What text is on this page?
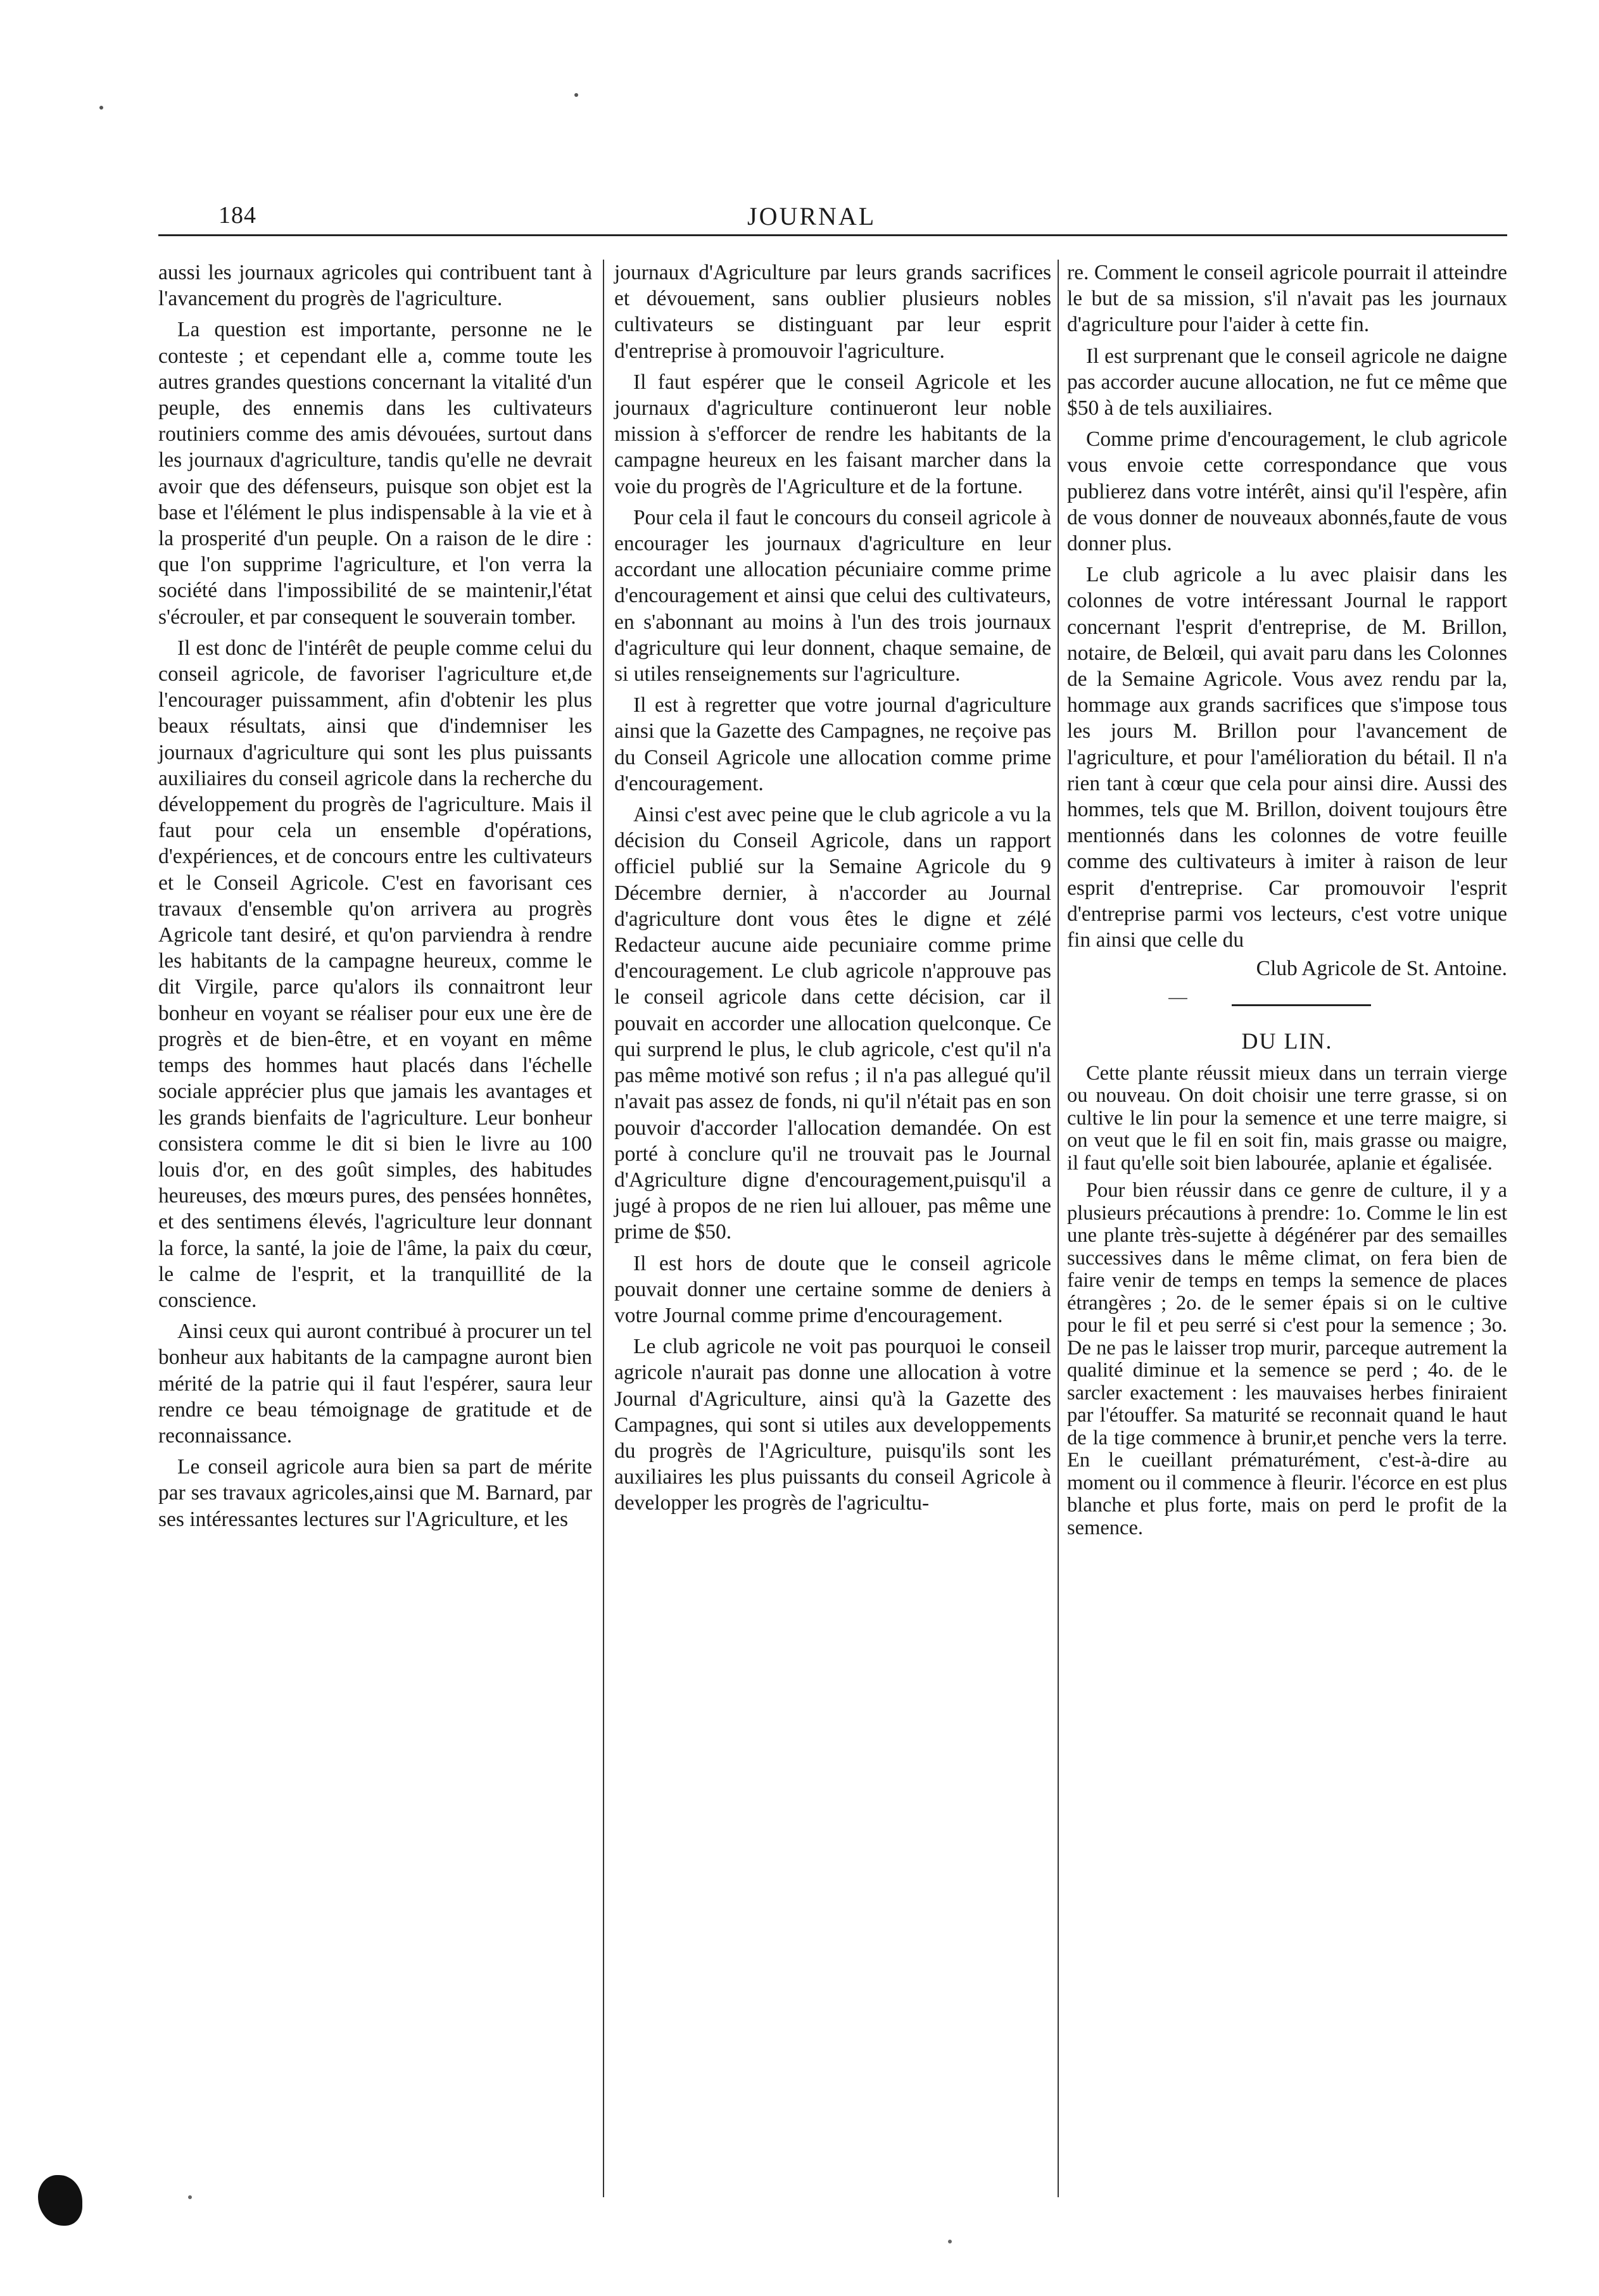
184	JOURNAL

aussi les journaux agricoles qui contribuent tant à l'avancement du progrès de l'agriculture.

La question est importante, personne ne le conteste ; et cependant elle a, comme toute les autres grandes questions concernant la vitalité d'un peuple, des ennemis dans les cultivateurs routiniers comme des amis dévouées, surtout dans les journaux d'agriculture, tandis qu'elle ne devrait avoir que des défenseurs, puisque son objet est la base et l'élément le plus indispensable à la vie et à la prosperité d'un peuple. On a raison de le dire : que l'on supprime l'agriculture, et l'on verra la société dans l'impossibilité de se maintenir,l'état s'écrouler, et par consequent le souverain tomber.

Il est donc de l'intérêt de peuple comme celui du conseil agricole, de favoriser l'agriculture et,de l'encourager puissamment, afin d'obtenir les plus beaux résultats, ainsi que d'indemniser les journaux d'agriculture qui sont les plus puissants auxiliaires du conseil agricole dans la recherche du développement du progrès de l'agriculture. Mais il faut pour cela un ensemble d'opérations, d'expériences, et de concours entre les cultivateurs et le Conseil Agricole. C'est en favorisant ces travaux d'ensemble qu'on arrivera au progrès Agricole tant desiré, et qu'on parviendra à rendre les habitants de la campagne heureux, comme le dit Virgile, parce qu'alors ils connaitront leur bonheur en voyant se réaliser pour eux une ère de progrès et de bien-être, et en voyant en même temps des hommes haut placés dans l'échelle sociale apprécier plus que jamais les avantages et les grands bienfaits de l'agriculture. Leur bonheur consistera comme le dit si bien le livre au 100 louis d'or, en des goût simples, des habitudes heureuses, des mœurs pures, des pensées honnêtes, et des sentimens élevés, l'agriculture leur donnant la force, la santé, la joie de l'âme, la paix du cœur, le calme de l'esprit, et la tranquillité de la conscience.

Ainsi ceux qui auront contribué à procurer un tel bonheur aux habitants de la campagne auront bien mérité de la patrie qui il faut l'espérer, saura leur rendre ce beau témoignage de gratitude et de reconnaissance.

Le conseil agricole aura bien sa part de mérite par ses travaux agricoles,ainsi que M. Barnard, par ses intéressantes lectures sur l'Agriculture, et les

journaux d'Agriculture par leurs grands sacrifices et dévouement, sans oublier plusieurs nobles cultivateurs se distinguant par leur esprit d'entreprise à promouvoir l'agriculture.

Il faut espérer que le conseil Agricole et les journaux d'agriculture continueront leur noble mission à s'efforcer de rendre les habitants de la campagne heureux en les faisant marcher dans la voie du progrès de l'Agriculture et de la fortune.

Pour cela il faut le concours du conseil agricole à encourager les journaux d'agriculture en leur accordant une allocation pécuniaire comme prime d'encouragement et ainsi que celui des cultivateurs, en s'abonnant au moins à l'un des trois journaux d'agriculture qui leur donnent, chaque semaine, de si utiles renseignements sur l'agriculture.

Il est à regretter que votre journal d'agriculture ainsi que la Gazette des Campagnes, ne reçoive pas du Conseil Agricole une allocation comme prime d'encouragement.

Ainsi c'est avec peine que le club agricole a vu la décision du Conseil Agricole, dans un rapport officiel publié sur la Semaine Agricole du 9 Décembre dernier, à n'accorder au Journal d'agriculture dont vous êtes le digne et zélé Redacteur aucune aide pecuniaire comme prime d'encouragement. Le club agricole n'approuve pas le conseil agricole dans cette décision, car il pouvait en accorder une allocation quelconque. Ce qui surprend le plus, le club agricole, c'est qu'il n'a pas même motivé son refus ; il n'a pas allegué qu'il n'avait pas assez de fonds, ni qu'il n'était pas en son pouvoir d'accorder l'allocation demandée. On est porté à conclure qu'il ne trouvait pas le Journal d'Agriculture digne d'encouragement,puisqu'il a jugé à propos de ne rien lui allouer, pas même une prime de $50.

Il est hors de doute que le conseil agricole pouvait donner une certaine somme de deniers à votre Journal comme prime d'encouragement.

Le club agricole ne voit pas pourquoi le conseil agricole n'aurait pas donne une allocation à votre Journal d'Agriculture, ainsi qu'à la Gazette des Campagnes, qui sont si utiles aux developpements du progrès de l'Agriculture, puisqu'ils sont les auxiliaires les plus puissants du conseil Agricole à developper les progrès de l'agricultu-

re. Comment le conseil agricole pourrait il atteindre le but de sa mission, s'il n'avait pas les journaux d'agriculture pour l'aider à cette fin.

Il est surprenant que le conseil agricole ne daigne pas accorder aucune allocation, ne fut ce même que $50 à de tels auxiliaires.

Comme prime d'encouragement, le club agricole vous envoie cette correspondance que vous publierez dans votre intérêt, ainsi qu'il l'espère, afin de vous donner de nouveaux abonnés,faute de vous donner plus.

Le club agricole a lu avec plaisir dans les colonnes de votre intéressant Journal le rapport concernant l'esprit d'entreprise, de M. Brillon, notaire, de Belœil, qui avait paru dans les Colonnes de la Semaine Agricole. Vous avez rendu par la, hommage aux grands sacrifices que s'impose tous les jours M. Brillon pour l'avancement de l'agriculture, et pour l'amélioration du bétail. Il n'a rien tant à cœur que cela pour ainsi dire. Aussi des hommes, tels que M. Brillon, doivent toujours être mentionnés dans les colonnes de votre feuille comme des cultivateurs à imiter à raison de leur esprit d'entreprise. Car promouvoir l'esprit d'entreprise parmi vos lecteurs, c'est votre unique fin ainsi que celle du

Club Agricole de St. Antoine.

DU LIN.

Cette plante réussit mieux dans un terrain vierge ou nouveau. On doit choisir une terre grasse, si on cultive le lin pour la semence et une terre maigre, si on veut que le fil en soit fin, mais grasse ou maigre, il faut qu'elle soit bien labourée, aplanie et égalisée.

Pour bien réussir dans ce genre de culture, il y a plusieurs précautions à prendre: 1o. Comme le lin est une plante très-sujette à dégénérer par des semailles successives dans le même climat, on fera bien de faire venir de temps en temps la semence de places étrangères ; 2o. de le semer épais si on le cultive pour le fil et peu serré si c'est pour la semence ; 3o. De ne pas le laisser trop murir, parceque autrement la qualité diminue et la semence se perd ; 4o. de le sarcler exactement : les mauvaises herbes finiraient par l'étouffer. Sa maturité se reconnait quand le haut de la tige commence à brunir,et penche vers la terre. En le cueillant prématurément, c'est-à-dire au moment ou il commence à fleurir. l'écorce en est plus blanche et plus forte, mais on perd le profit de la semence.
